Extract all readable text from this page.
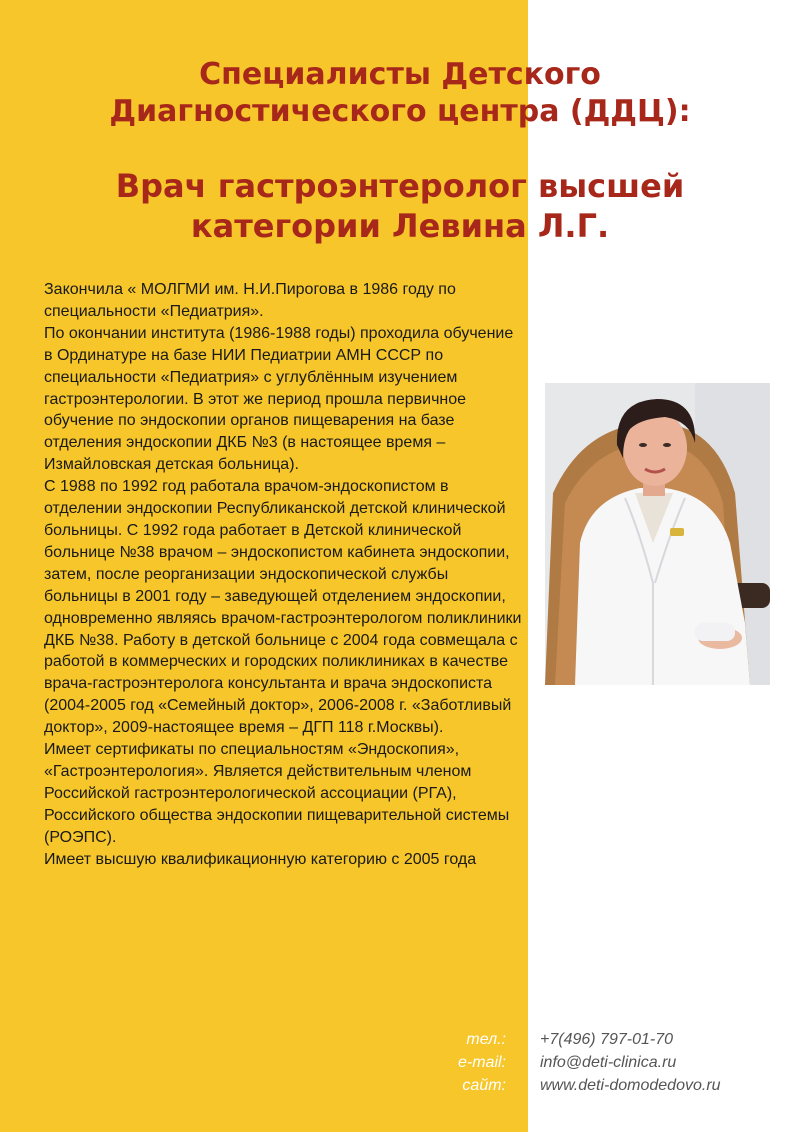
Специалисты Детского
Диагностического центра (ДДЦ):
Врач гастроэнтеролог высшей
категории Левина Л.Г.

Закончила « МОЛГМИ им. Н.И.Пирогова в 1986 году по специальности «Педиатрия».

По окончании института (1986-1988 годы) проходила обучение в Ординатуре на базе НИИ Педиатрии АМН СССР по специальности «Педиатрия» с углублённым изучением гастроэнтерологии. В этот же период прошла первичное обучение по эндоскопии органов пищеварения на базе отделения эндоскопии ДКБ №3 (в настоящее время – Измайловская детская больница).

С 1988 по 1992 год работала врачом-эндоскопистом в отделении эндоскопии Республиканской детской клинической больницы. С 1992 года работает в Детской клинической больнице №38 врачом – эндоскопистом кабинета эндоскопии, затем, после реорганизации эндоскопической службы больницы в 2001 году – заведующей отделением эндоскопии, одновременно являясь врачом-гастроэнтерологом поликлиники ДКБ №38. Работу в детской больнице с 2004 года совмещала с работой в коммерческих и городских поликлиниках в качестве врача-гастроэнтеролога консультанта и врача эндоскописта (2004-2005 год «Семейный доктор», 2006-2008 г. «Заботливый доктор», 2009-настоящее время – ДГП 118 г.Москвы).

Имеет сертификаты по специальностям «Эндоскопия», «Гастроэнтерология». Является действительным членом Российской гастроэнтерологической ассоциации (РГА), Российского общества эндоскопии пищеварительной системы (РОЭПС).

Имеет высшую квалификационную категорию с 2005 года

тел.: +7(496) 797-01-70
e-mail: info@deti-clinica.ru
сайт: www.deti-domodedovo.ru
